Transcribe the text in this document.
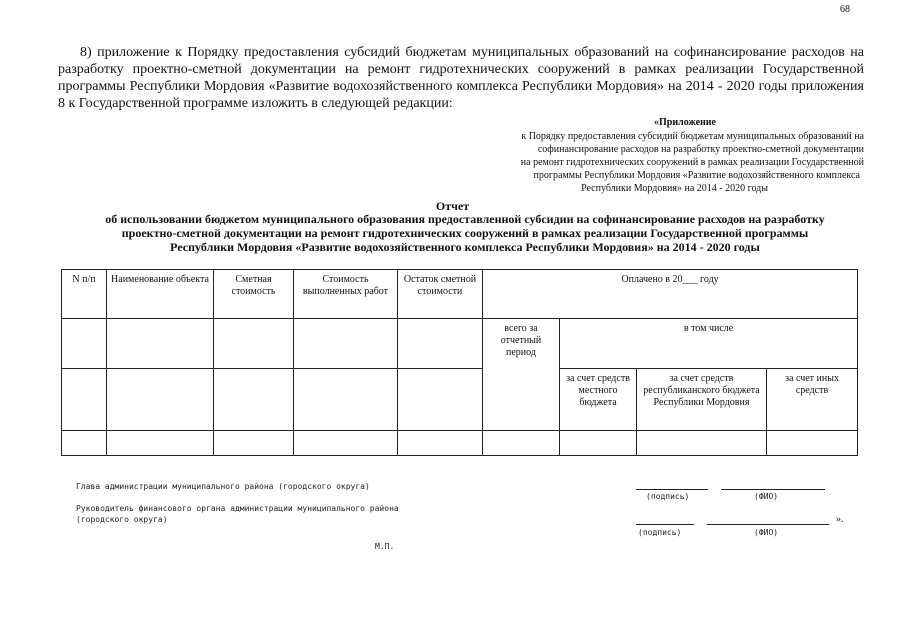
68
8) приложение к Порядку предоставления субсидий бюджетам муниципальных образований на софинансирование расходов на разработку проектно-сметной документации на ремонт гидротехнических сооружений в рамках реализации Государственной программы Республики Мордовия «Развитие водохозяйственного комплекса Республики Мордовия» на 2014 - 2020 годы приложения 8 к Государственной программе изложить в следующей редакции:
«Приложение
к Порядку предоставления субсидий бюджетам муниципальных образований на
софинансирование расходов на разработку проектно-сметной документации
на ремонт гидротехнических сооружений в рамках реализации Государственной
программы Республики Мордовия «Развитие водохозяйственного комплекса
Республики Мордовия» на 2014 - 2020 годы
Отчет
об использовании бюджетом муниципального образования предоставленной субсидии на софинансирование расходов на разработку
проектно-сметной документации на ремонт гидротехнических сооружений в рамках реализации Государственной программы
Республики Мордовия «Развитие водохозяйственного комплекса Республики Мордовия» на 2014 - 2020 годы
N п/п	Наименование объекта	Сметная стоимость	Стоимость выполненных работ	Остаток сметной стоимости	Оплачено в 20___ году			
					всего за отчетный период	в том числе		
						за счет средств местного бюджета	за счет средств республиканского бюджета Республики Мордовия	за счет иных средств

Глава администрации муниципального района (городского округа)
(подпись)	(ФИО)
Руководитель финансового органа администрации муниципального района
(городского округа)	».
(подпись)	(ФИО)
М.П.
